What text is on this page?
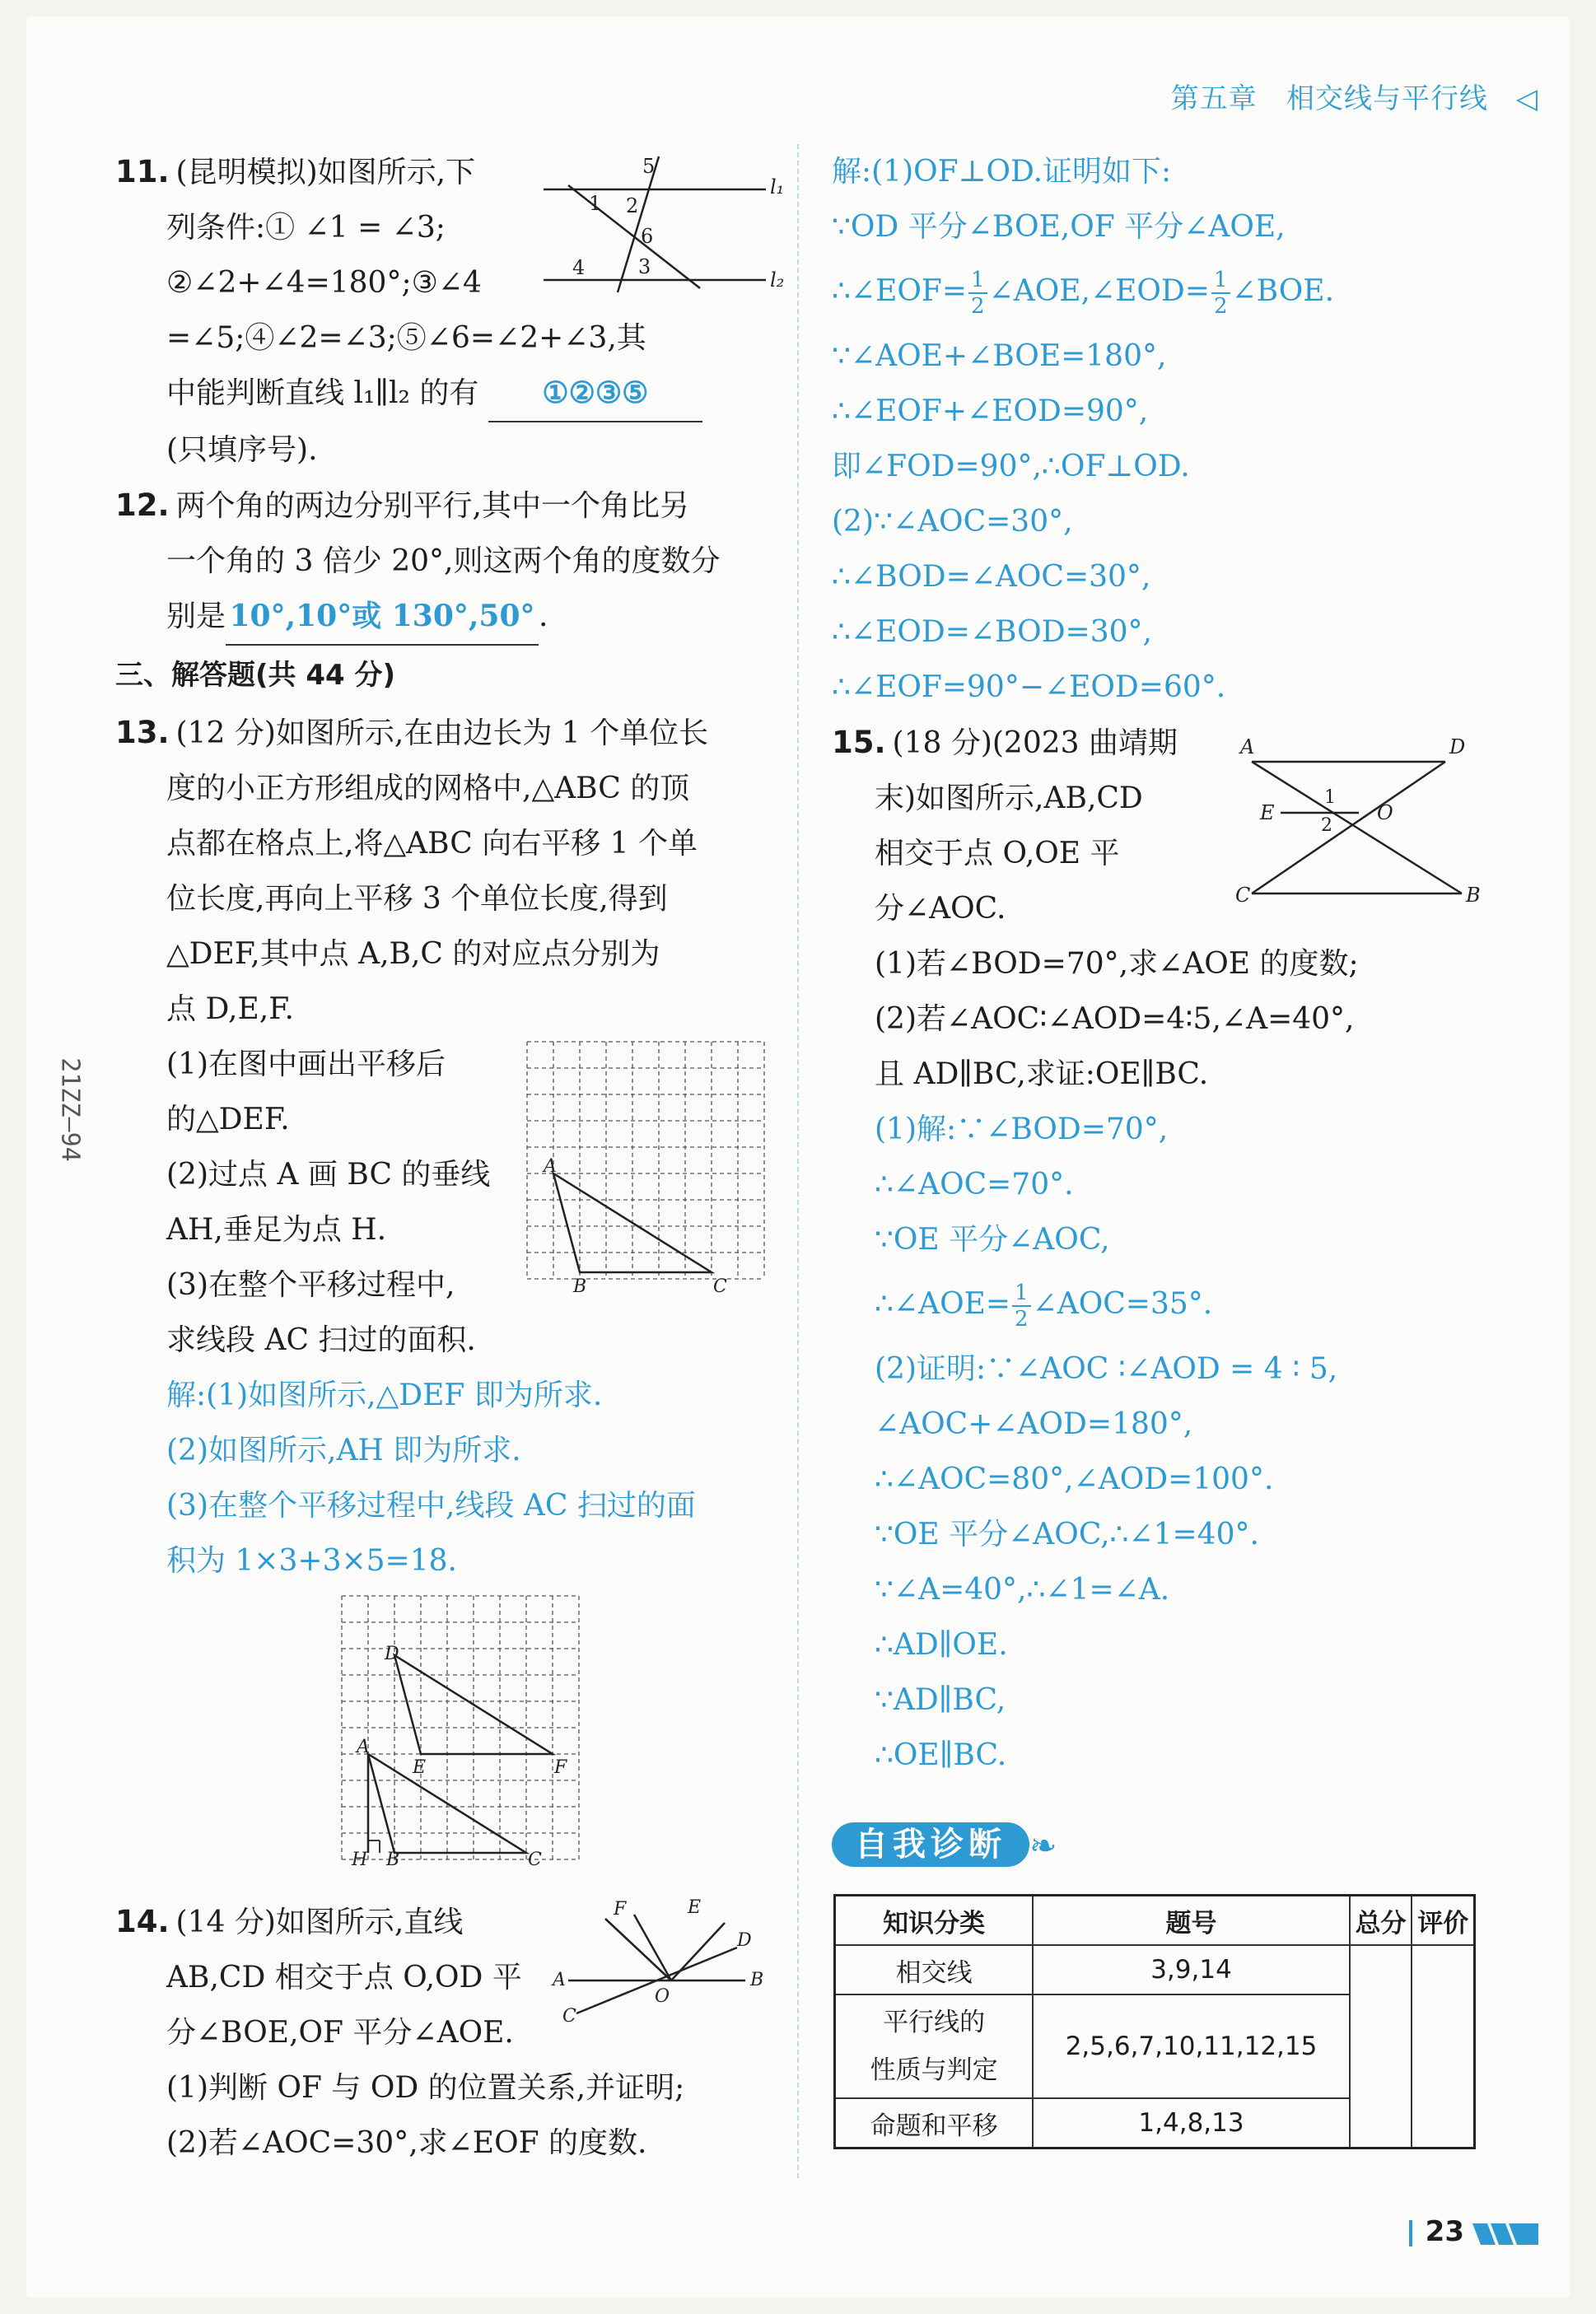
第五章 相交线与平行线 ◁

11. (昆明模拟)如图所示,下

列条件:① ∠1 = ∠3;

②∠2+∠4=180°;③∠4

=∠5;④∠2=∠3;⑤∠6=∠2+∠3,其

中能判断直线 l₁∥l₂ 的有 ①②③⑤

(只填序号).

12. 两个角的两边分别平行,其中一个角比另

一个角的 3 倍少 20°,则这两个角的度数分

别是 10°,10°或 130°,50° .

三、解答题(共 44 分)

13. (12 分)如图所示,在由边长为 1 个单位长

度的小正方形组成的网格中,△ABC 的顶

点都在格点上,将△ABC 向右平移 1 个单

位长度,再向上平移 3 个单位长度,得到

△DEF,其中点 A,B,C 的对应点分别为

点 D,E,F.

(1)在图中画出平移后

的△DEF.

(2)过点 A 画 BC 的垂线

AH,垂足为点 H.

(3)在整个平移过程中,

求线段 AC 扫过的面积.

解:(1)如图所示,△DEF 即为所求.

(2)如图所示,AH 即为所求.

(3)在整个平移过程中,线段 AC 扫过的面

积为 1×3+3×5=18.

14. (14 分)如图所示,直线

AB,CD 相交于点 O,OD 平

分∠BOE,OF 平分∠AOE.

(1)判断 OF 与 OD 的位置关系,并证明;

(2)若∠AOC=30°,求∠EOF 的度数.

5
1 2
6
4	3
l₁
l₂
A
B	C
D
A
E	F
H B	C
F	E
D
A	B
C
O

解:(1)OF⊥OD.证明如下:

∵OD 平分∠BOE,OF 平分∠AOE,

∴∠EOF= $\frac{1}{2}$ ∠AOE,∠EOD= $\frac{1}{2}$ ∠BOE.

∵∠AOE+∠BOE=180°,

∴∠EOF+∠EOD=90°,

即∠FOD=90°,∴OF⊥OD.

(2)∵∠AOC=30°,

∴∠BOD=∠AOC=30°,

∴∠EOD=∠BOD=30°,

∴∠EOF=90°−∠EOD=60°.

15. (18 分)(2023 曲靖期

末)如图所示,AB,CD

相交于点 O,OE 平

分∠AOC.

(1)若∠BOD=70°,求∠AOE 的度数;

(2)若∠AOC∶∠AOD=4∶5,∠A=40°,

且 AD∥BC,求证:OE∥BC.

(1)解:∵∠BOD=70°,

∴∠AOC=70°.

∵OE 平分∠AOC,

∴∠AOE= $\frac{1}{2}$ ∠AOC=35°.

(2)证明:∵∠AOC ∶∠AOD = 4 ∶ 5,

∠AOC+∠AOD=180°,

∴∠AOC=80°,∠AOD=100°.

∵OE 平分∠AOC,∴∠1=40°.

∵∠A=40°,∴∠1=∠A.

∴AD∥OE.

∵AD∥BC,

∴OE∥BC.

A	D
E	O
C	B
1
2
自我诊断 ❧
知识分类	题号	总分	评价
相交线	3,9,14		
平行线的
性质与判定	2,5,6,7,10,11,12,15		
命题和平移	1,4,8,13		
21ZZ—94
23
